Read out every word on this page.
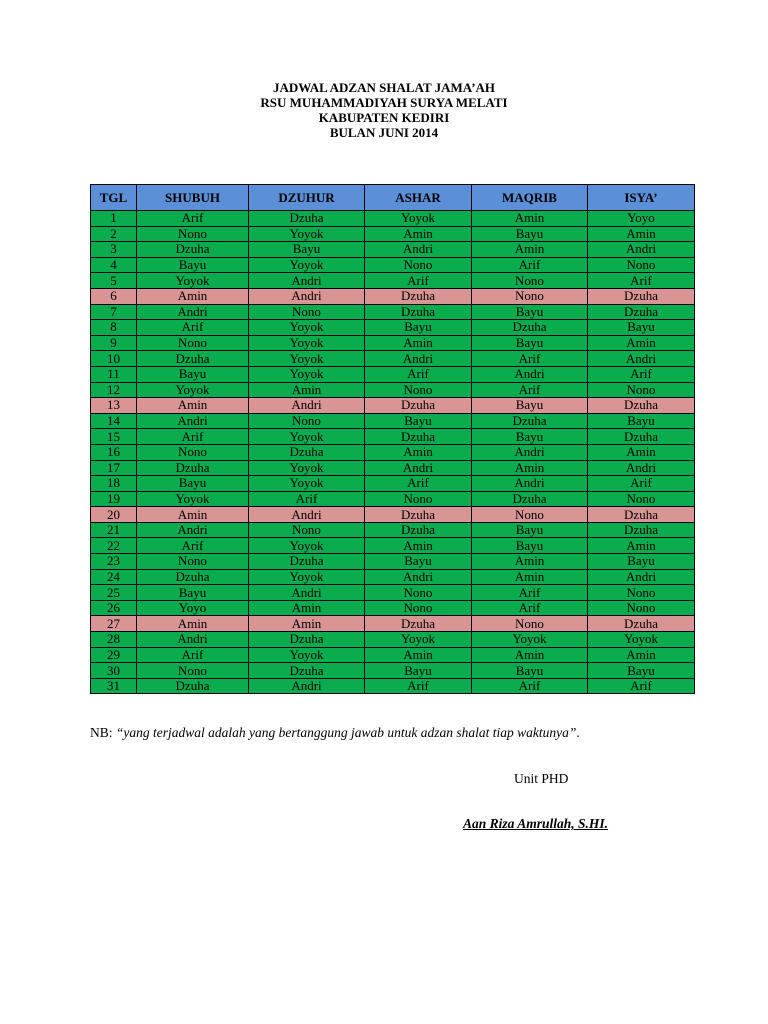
JADWAL ADZAN SHALAT JAMA’AH

RSU MUHAMMADIYAH SURYA MELATI

KABUPATEN KEDIRI

BULAN JUNI 2014

TGL	SHUBUH	DZUHUR	ASHAR	MAQRIB	ISYA’
1	Arif	Dzuha	Yoyok	Amin	Yoyo
2	Nono	Yoyok	Amin	Bayu	Amin
3	Dzuha	Bayu	Andri	Amin	Andri
4	Bayu	Yoyok	Nono	Arif	Nono
5	Yoyok	Andri	Arif	Nono	Arif
6	Amin	Andri	Dzuha	Nono	Dzuha
7	Andri	Nono	Dzuha	Bayu	Dzuha
8	Arif	Yoyok	Bayu	Dzuha	Bayu
9	Nono	Yoyok	Amin	Bayu	Amin
10	Dzuha	Yoyok	Andri	Arif	Andri
11	Bayu	Yoyok	Arif	Andri	Arif
12	Yoyok	Amin	Nono	Arif	Nono
13	Amin	Andri	Dzuha	Bayu	Dzuha
14	Andri	Nono	Bayu	Dzuha	Bayu
15	Arif	Yoyok	Dzuha	Bayu	Dzuha
16	Nono	Dzuha	Amin	Andri	Amin
17	Dzuha	Yoyok	Andri	Amin	Andri
18	Bayu	Yoyok	Arif	Andri	Arif
19	Yoyok	Arif	Nono	Dzuha	Nono
20	Amin	Andri	Dzuha	Nono	Dzuha
21	Andri	Nono	Dzuha	Bayu	Dzuha
22	Arif	Yoyok	Amin	Bayu	Amin
23	Nono	Dzuha	Bayu	Amin	Bayu
24	Dzuha	Yoyok	Andri	Amin	Andri
25	Bayu	Andri	Nono	Arif	Nono
26	Yoyo	Amin	Nono	Arif	Nono
27	Amin	Amin	Dzuha	Nono	Dzuha
28	Andri	Dzuha	Yoyok	Yoyok	Yoyok
29	Arif	Yoyok	Amin	Amin	Amin
30	Nono	Dzuha	Bayu	Bayu	Bayu
31	Dzuha	Andri	Arif	Arif	Arif
NB: “yang terjadwal adalah yang bertanggung jawab untuk adzan shalat tiap waktunya”.
Unit PHD
Aan Riza Amrullah, S.HI.
